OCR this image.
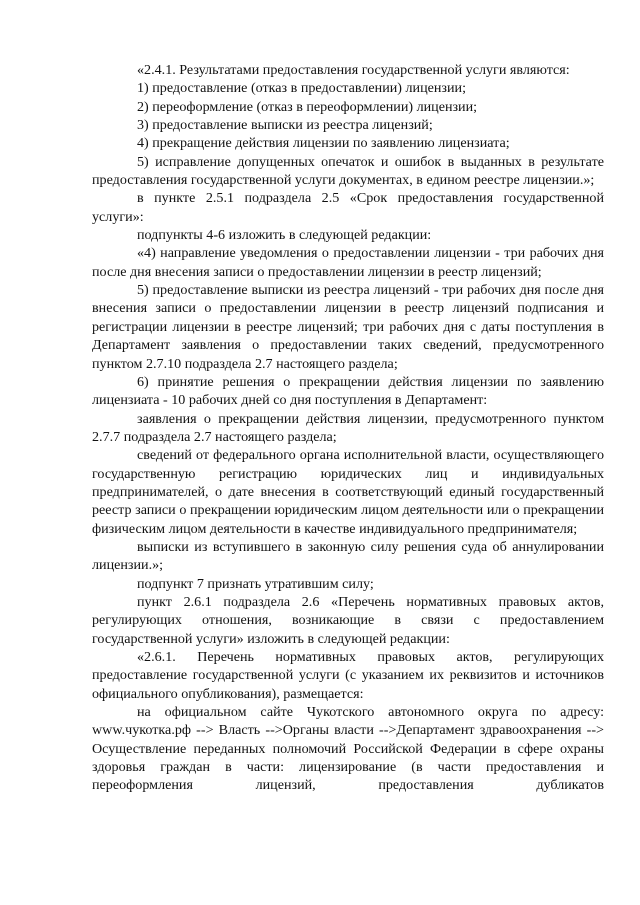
«2.4.1. Результатами предоставления государственной услуги являются:

1) предоставление (отказ в предоставлении) лицензии;

2) переоформление (отказ в переоформлении) лицензии;

3) предоставление выписки из реестра лицензий;

4) прекращение действия лицензии по заявлению лицензиата;

5) исправление допущенных опечаток и ошибок в выданных в результате предоставления государственной услуги документах, в едином реестре лицензии.»;

в пункте 2.5.1 подраздела 2.5 «Срок предоставления государственной услуги»:

подпункты 4-6 изложить в следующей редакции:

«4) направление уведомления о предоставлении лицензии - три рабочих дня после дня внесения записи о предоставлении лицензии в реестр лицензий;

5) предоставление выписки из реестра лицензий - три рабочих дня после дня внесения записи о предоставлении лицензии в реестр лицензий подписания и регистрации лицензии в реестре лицензий; три рабочих дня с даты поступления в Департамент заявления о предоставлении таких сведений, предусмотренного пунктом 2.7.10 подраздела 2.7 настоящего раздела;

6) принятие решения о прекращении действия лицензии по заявлению лицензиата - 10 рабочих дней со дня поступления в Департамент:

заявления о прекращении действия лицензии, предусмотренного пунктом 2.7.7 подраздела 2.7 настоящего раздела;

сведений от федерального органа исполнительной власти, осуществляющего государственную регистрацию юридических лиц и индивидуальных предпринимателей, о дате внесения в соответствующий единый государственный реестр записи о прекращении юридическим лицом деятельности или о прекращении физическим лицом деятельности в качестве индивидуального предпринимателя;

выписки из вступившего в законную силу решения суда об аннулировании лицензии.»;

подпункт 7 признать утратившим силу;

пункт 2.6.1 подраздела 2.6 «Перечень нормативных правовых актов, регулирующих отношения, возникающие в связи с предоставлением государственной услуги» изложить в следующей редакции:

«2.6.1. Перечень нормативных правовых актов, регулирующих предоставление государственной услуги (с указанием их реквизитов и источников официального опубликования), размещается:

на официальном сайте Чукотского автономного округа по адресу: www.чукотка.рф --> Власть -->Органы власти -->Департамент здравоохранения --> Осуществление переданных полномочий Российской Федерации в сфере охраны здоровья граждан в части: лицензирование (в части предоставления и переоформления лицензий, предоставления дубликатов
